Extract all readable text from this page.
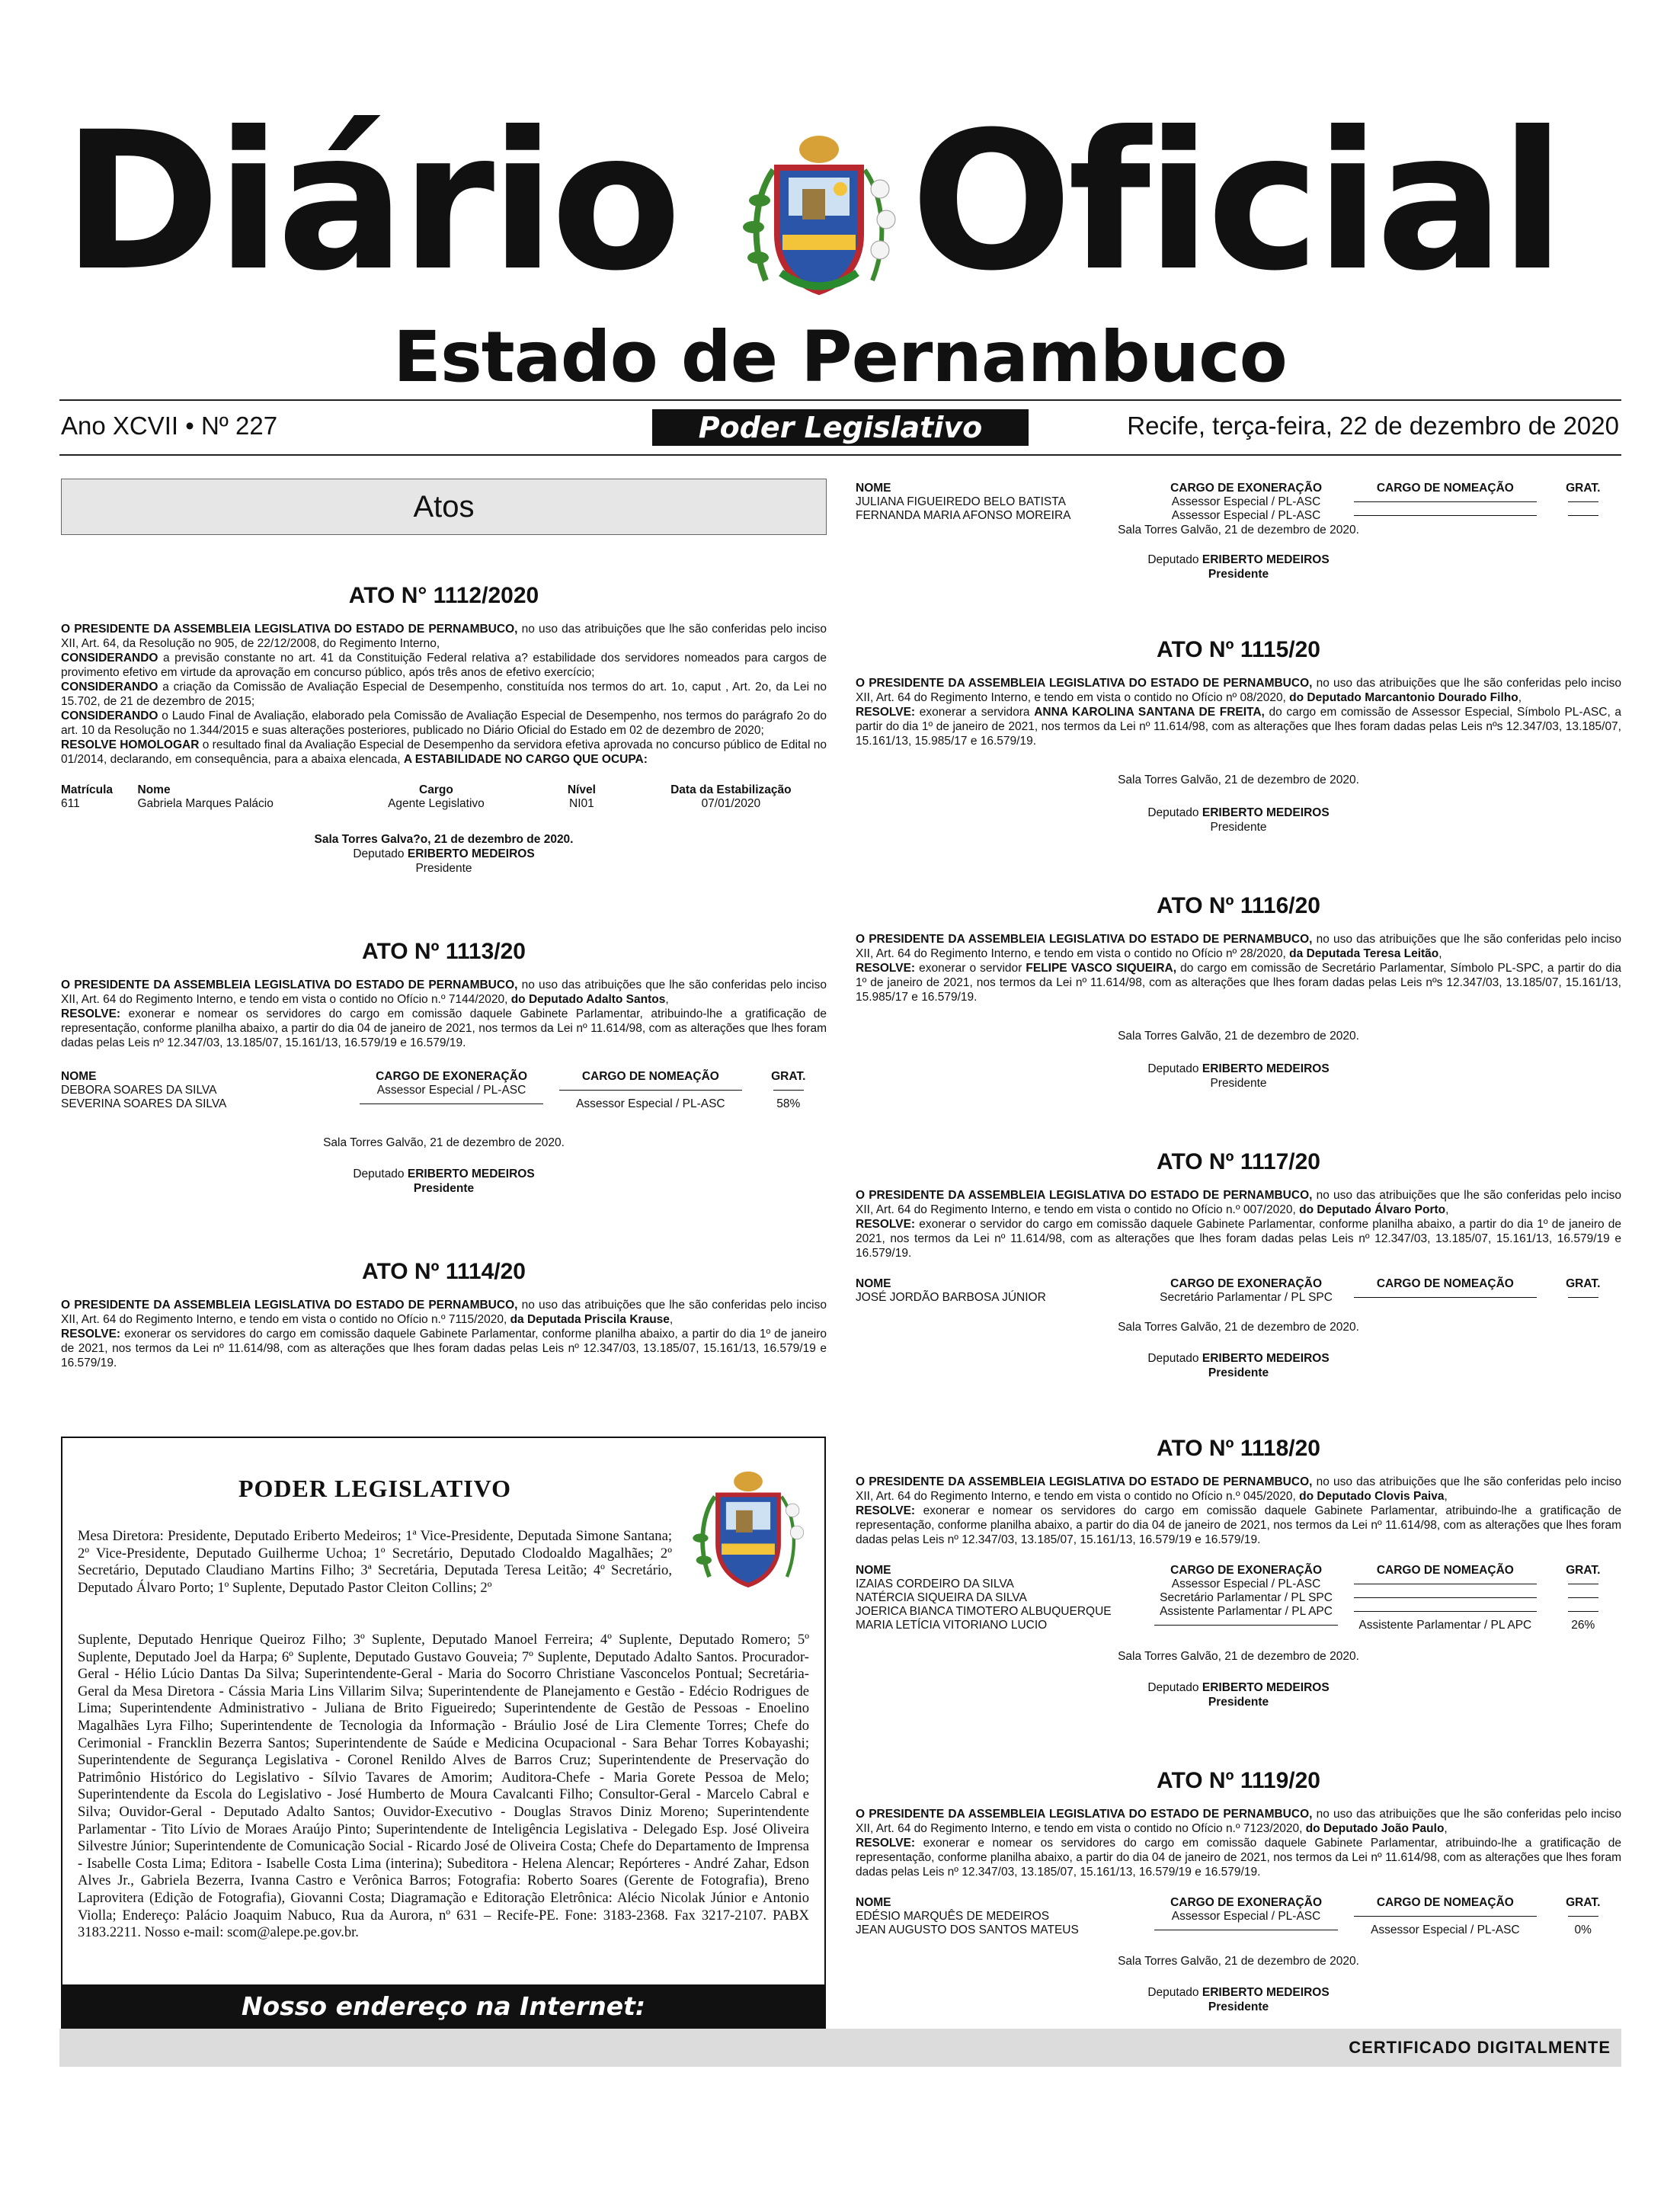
Diário Oficial
Estado de Pernambuco
Ano XCVII • Nº 227	Poder Legislativo	Recife, terça-feira, 22 de dezembro de 2020
Atos
ATO N° 1112/2020

O PRESIDENTE DA ASSEMBLEIA LEGISLATIVA DO ESTADO DE PERNAMBUCO, no uso das atribuições que lhe são conferidas pelo inciso XII, Art. 64, da Resolução no 905, de 22/12/2008, do Regimento Interno,

CONSIDERANDO a previsão constante no art. 41 da Constituição Federal relativa a? estabilidade dos servidores nomeados para cargos de provimento efetivo em virtude da aprovação em concurso público, após três anos de efetivo exercício;

CONSIDERANDO a criação da Comissão de Avaliação Especial de Desempenho, constituída nos termos do art. 1o, caput , Art. 2o, da Lei no 15.702, de 21 de dezembro de 2015;

CONSIDERANDO o Laudo Final de Avaliação, elaborado pela Comissão de Avaliação Especial de Desempenho, nos termos do parágrafo 2o do art. 10 da Resolução no 1.344/2015 e suas alterações posteriores, publicado no Diário Oficial do Estado em 02 de dezembro de 2020;

RESOLVE HOMOLOGAR o resultado final da Avaliação Especial de Desempenho da servidora efetiva aprovada no concurso público de Edital no 01/2014, declarando, em consequência, para a abaixa elencada, A ESTABILIDADE NO CARGO QUE OCUPA:

Matrícula	Nome	Cargo	Nível	Data da Estabilização
611	Gabriela Marques Palácio	Agente Legislativo	NI01	07/01/2020
Sala Torres Galva?o, 21 de dezembro de 2020.
Deputado ERIBERTO MEDEIROS
Presidente
ATO Nº 1113/20

O PRESIDENTE DA ASSEMBLEIA LEGISLATIVA DO ESTADO DE PERNAMBUCO, no uso das atribuições que lhe são conferidas pelo inciso XII, Art. 64 do Regimento Interno, e tendo em vista o contido no Ofício n.º 7144/2020, do Deputado Adalto Santos,

RESOLVE: exonerar e nomear os servidores do cargo em comissão daquele Gabinete Parlamentar, atribuindo-lhe a gratificação de representação, conforme planilha abaixo, a partir do dia 04 de janeiro de 2021, nos termos da Lei nº 11.614/98, com as alterações que lhes foram dadas pelas Leis nº 12.347/03, 13.185/07, 15.161/13, 16.579/19 e 16.579/19.

NOME	CARGO DE EXONERAÇÃO	CARGO DE NOMEAÇÃO	GRAT.
DEBORA SOARES DA SILVA	Assessor Especial / PL-ASC		
SEVERINA SOARES DA SILVA		Assessor Especial / PL-ASC	58%
Sala Torres Galvão, 21 de dezembro de 2020.
Deputado ERIBERTO MEDEIROS
Presidente
ATO Nº 1114/20

O PRESIDENTE DA ASSEMBLEIA LEGISLATIVA DO ESTADO DE PERNAMBUCO, no uso das atribuições que lhe são conferidas pelo inciso XII, Art. 64 do Regimento Interno, e tendo em vista o contido no Ofício n.º 7115/2020, da Deputada Priscila Krause,

RESOLVE: exonerar os servidores do cargo em comissão daquele Gabinete Parlamentar, conforme planilha abaixo, a partir do dia 1º de janeiro de 2021, nos termos da Lei nº 11.614/98, com as alterações que lhes foram dadas pelas Leis nº 12.347/03, 13.185/07, 15.161/13, 16.579/19 e 16.579/19.

PODER LEGISLATIVO
Mesa Diretora: Presidente, Deputado Eriberto Medeiros; 1ª Vice-Presidente, Deputada Simone Santana; 2º Vice-Presidente, Deputado Guilherme Uchoa; 1º Secretário, Deputado Clodoaldo Magalhães; 2º Secretário, Deputado Claudiano Martins Filho; 3ª Secretária, Deputada Teresa Leitão; 4º Secretário, Deputado Álvaro Porto; 1º Suplente, Deputado Pastor Cleiton Collins; 2º
Suplente, Deputado Henrique Queiroz Filho; 3º Suplente, Deputado Manoel Ferreira; 4º Suplente, Deputado Romero; 5º Suplente, Deputado Joel da Harpa; 6º Suplente, Deputado Gustavo Gouveia; 7º Suplente, Deputado Adalto Santos. Procurador-Geral - Hélio Lúcio Dantas Da Silva; Superintendente-Geral - Maria do Socorro Christiane Vasconcelos Pontual; Secretária-Geral da Mesa Diretora - Cássia Maria Lins Villarim Silva; Superintendente de Planejamento e Gestão - Edécio Rodrigues de Lima; Superintendente Administrativo - Juliana de Brito Figueiredo; Superintendente de Gestão de Pessoas - Enoelino Magalhães Lyra Filho; Superintendente de Tecnologia da Informação - Bráulio José de Lira Clemente Torres; Chefe do Cerimonial - Francklin Bezerra Santos; Superintendente de Saúde e Medicina Ocupacional - Sara Behar Torres Kobayashi; Superintendente de Segurança Legislativa - Coronel Renildo Alves de Barros Cruz; Superintendente de Preservação do Patrimônio Histórico do Legislativo - Sílvio Tavares de Amorim; Auditora-Chefe - Maria Gorete Pessoa de Melo; Superintendente da Escola do Legislativo - José Humberto de Moura Cavalcanti Filho; Consultor-Geral - Marcelo Cabral e Silva; Ouvidor-Geral - Deputado Adalto Santos; Ouvidor-Executivo - Douglas Stravos Diniz Moreno; Superintendente Parlamentar - Tito Lívio de Moraes Araújo Pinto; Superintendente de Inteligência Legislativa - Delegado Esp. José Oliveira Silvestre Júnior; Superintendente de Comunicação Social - Ricardo José de Oliveira Costa; Chefe do Departamento de Imprensa - Isabelle Costa Lima; Editora - Isabelle Costa Lima (interina); Subeditora - Helena Alencar; Repórteres - André Zahar, Edson Alves Jr., Gabriela Bezerra, Ivanna Castro e Verônica Barros; Fotografia: Roberto Soares (Gerente de Fotografia), Breno Laprovitera (Edição de Fotografia), Giovanni Costa; Diagramação e Editoração Eletrônica: Alécio Nicolak Júnior e Antonio Violla; Endereço: Palácio Joaquim Nabuco, Rua da Aurora, nº 631 – Recife-PE. Fone: 3183-2368. Fax 3217-2107. PABX 3183.2211. Nosso e-mail: scom@alepe.pe.gov.br.
Nosso endereço na Internet:
NOME	CARGO DE EXONERAÇÃO	CARGO DE NOMEAÇÃO	GRAT.
JULIANA FIGUEIREDO BELO BATISTA	Assessor Especial / PL-ASC		
FERNANDA MARIA AFONSO MOREIRA	Assessor Especial / PL-ASC		
Sala Torres Galvão, 21 de dezembro de 2020.
Deputado ERIBERTO MEDEIROS
Presidente
ATO Nº 1115/20

O PRESIDENTE DA ASSEMBLEIA LEGISLATIVA DO ESTADO DE PERNAMBUCO, no uso das atribuições que lhe são conferidas pelo inciso XII, Art. 64 do Regimento Interno, e tendo em vista o contido no Ofício nº 08/2020, do Deputado Marcantonio Dourado Filho,

RESOLVE: exonerar a servidora ANNA KAROLINA SANTANA DE FREITA, do cargo em comissão de Assessor Especial, Símbolo PL-ASC, a partir do dia 1º de janeiro de 2021, nos termos da Lei nº 11.614/98, com as alterações que lhes foram dadas pelas Leis nºs 12.347/03, 13.185/07, 15.161/13, 15.985/17 e 16.579/19.

Sala Torres Galvão, 21 de dezembro de 2020.
Deputado ERIBERTO MEDEIROS
Presidente
ATO Nº 1116/20

O PRESIDENTE DA ASSEMBLEIA LEGISLATIVA DO ESTADO DE PERNAMBUCO, no uso das atribuições que lhe são conferidas pelo inciso XII, Art. 64 do Regimento Interno, e tendo em vista o contido no Ofício nº 28/2020, da Deputada Teresa Leitão,

RESOLVE: exonerar o servidor FELIPE VASCO SIQUEIRA, do cargo em comissão de Secretário Parlamentar, Símbolo PL-SPC, a partir do dia 1º de janeiro de 2021, nos termos da Lei nº 11.614/98, com as alterações que lhes foram dadas pelas Leis nºs 12.347/03, 13.185/07, 15.161/13, 15.985/17 e 16.579/19.

Sala Torres Galvão, 21 de dezembro de 2020.
Deputado ERIBERTO MEDEIROS
Presidente
ATO Nº 1117/20

O PRESIDENTE DA ASSEMBLEIA LEGISLATIVA DO ESTADO DE PERNAMBUCO, no uso das atribuições que lhe são conferidas pelo inciso XII, Art. 64 do Regimento Interno, e tendo em vista o contido no Ofício n.º 007/2020, do Deputado Álvaro Porto,

RESOLVE: exonerar o servidor do cargo em comissão daquele Gabinete Parlamentar, conforme planilha abaixo, a partir do dia 1º de janeiro de 2021, nos termos da Lei nº 11.614/98, com as alterações que lhes foram dadas pelas Leis nº 12.347/03, 13.185/07, 15.161/13, 16.579/19 e 16.579/19.

NOME	CARGO DE EXONERAÇÃO	CARGO DE NOMEAÇÃO	GRAT.
JOSÉ JORDÃO BARBOSA JÚNIOR	Secretário Parlamentar / PL SPC		
Sala Torres Galvão, 21 de dezembro de 2020.
Deputado ERIBERTO MEDEIROS
Presidente
ATO Nº 1118/20

O PRESIDENTE DA ASSEMBLEIA LEGISLATIVA DO ESTADO DE PERNAMBUCO, no uso das atribuições que lhe são conferidas pelo inciso XII, Art. 64 do Regimento Interno, e tendo em vista o contido no Ofício n.º 045/2020, do Deputado Clovis Paiva,

RESOLVE: exonerar e nomear os servidores do cargo em comissão daquele Gabinete Parlamentar, atribuindo-lhe a gratificação de representação, conforme planilha abaixo, a partir do dia 04 de janeiro de 2021, nos termos da Lei nº 11.614/98, com as alterações que lhes foram dadas pelas Leis nº 12.347/03, 13.185/07, 15.161/13, 16.579/19 e 16.579/19.

NOME	CARGO DE EXONERAÇÃO	CARGO DE NOMEAÇÃO	GRAT.
IZAIAS CORDEIRO DA SILVA	Assessor Especial / PL-ASC		
NATÉRCIA SIQUEIRA DA SILVA	Secretário Parlamentar / PL SPC		
JOERICA BIANCA TIMOTERO ALBUQUERQUE	Assistente Parlamentar / PL APC		
MARIA LETÍCIA VITORIANO LUCIO		Assistente Parlamentar / PL APC	26%
Sala Torres Galvão, 21 de dezembro de 2020.
Deputado ERIBERTO MEDEIROS
Presidente
ATO Nº 1119/20

O PRESIDENTE DA ASSEMBLEIA LEGISLATIVA DO ESTADO DE PERNAMBUCO, no uso das atribuições que lhe são conferidas pelo inciso XII, Art. 64 do Regimento Interno, e tendo em vista o contido no Ofício n.º 7123/2020, do Deputado João Paulo,

RESOLVE: exonerar e nomear os servidores do cargo em comissão daquele Gabinete Parlamentar, atribuindo-lhe a gratificação de representação, conforme planilha abaixo, a partir do dia 04 de janeiro de 2021, nos termos da Lei nº 11.614/98, com as alterações que lhes foram dadas pelas Leis nº 12.347/03, 13.185/07, 15.161/13, 16.579/19 e 16.579/19.

NOME	CARGO DE EXONERAÇÃO	CARGO DE NOMEAÇÃO	GRAT.
EDÉSIO MARQUÊS DE MEDEIROS	Assessor Especial / PL-ASC		
JEAN AUGUSTO DOS SANTOS MATEUS		Assessor Especial / PL-ASC	0%
Sala Torres Galvão, 21 de dezembro de 2020.
Deputado ERIBERTO MEDEIROS
Presidente
CERTIFICADO DIGITALMENTE
